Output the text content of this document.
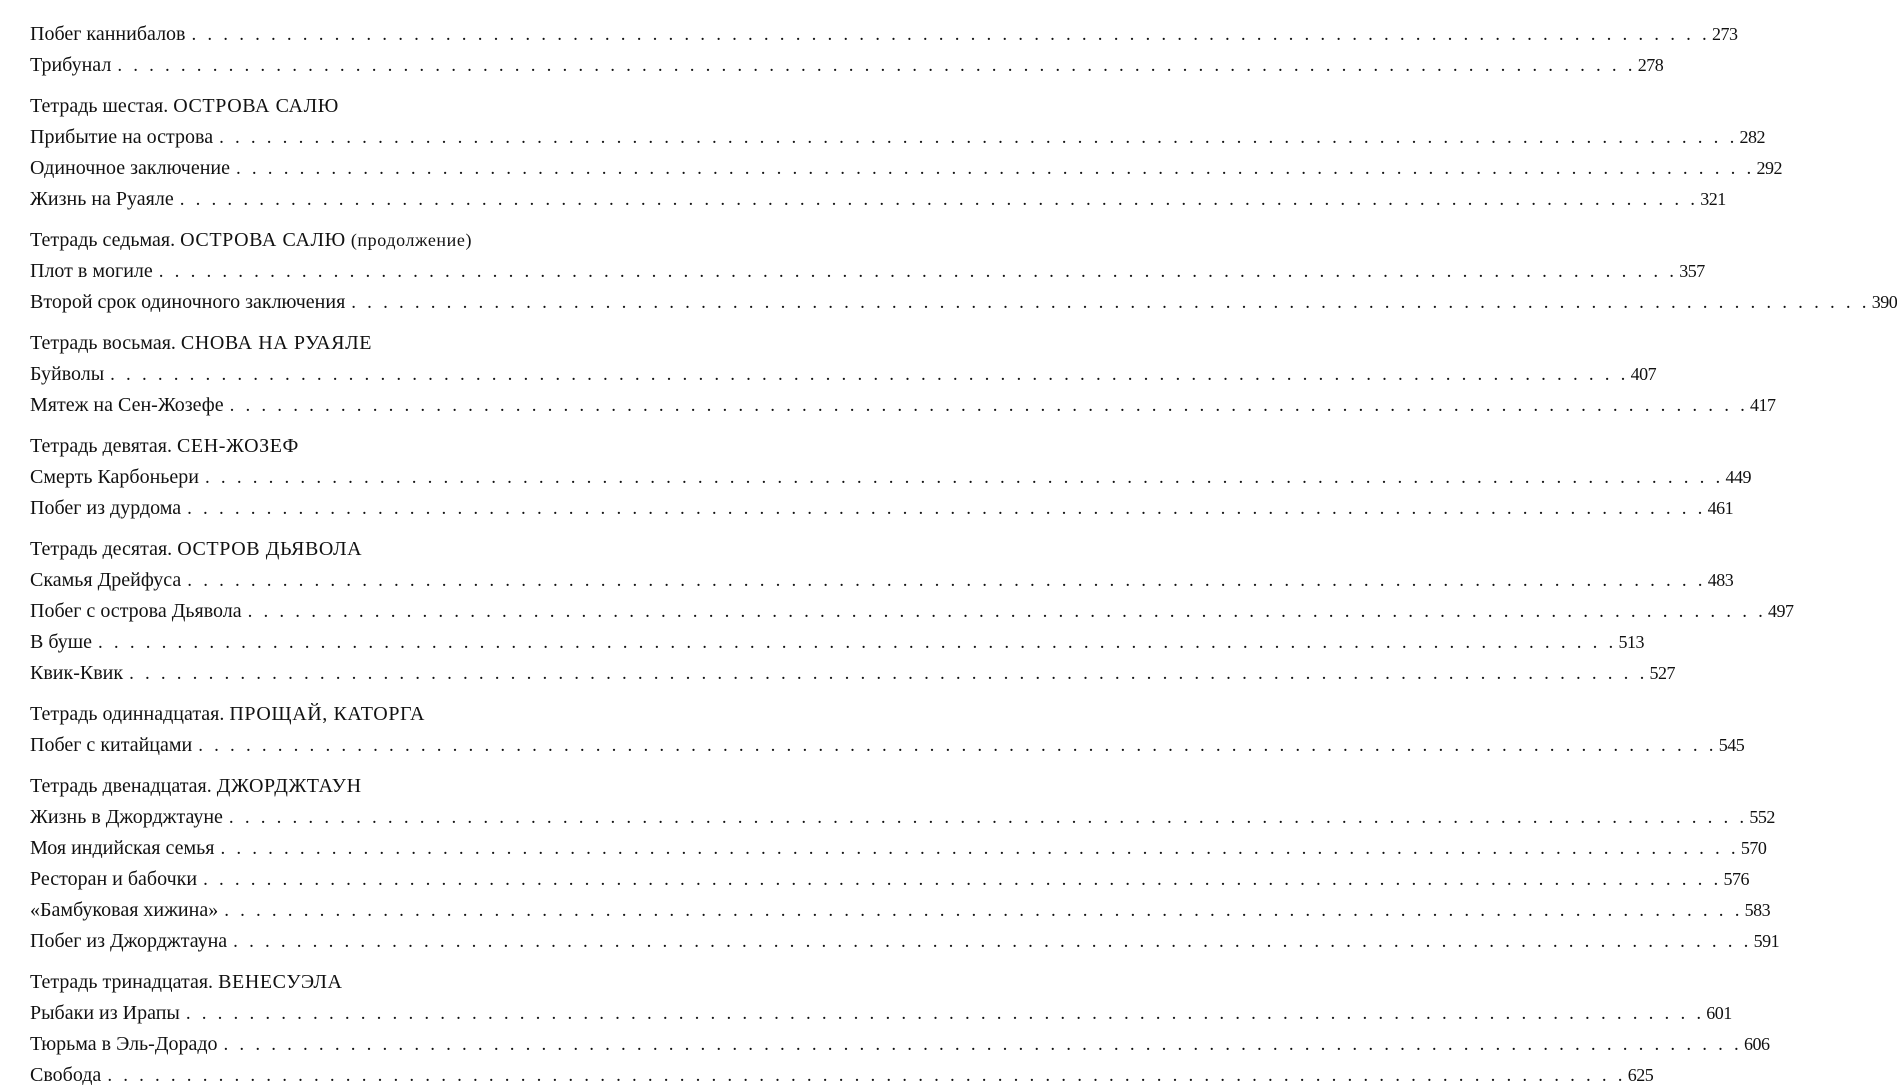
Побег каннибалов . . . . . . . . . . . . . . . . . . . . . . . . . . . . . . . . . . . . . . . . . . . . . . . . . . . . . . . . . . . . . . . . . . . . . . . . . . . . . . . . . . . . . . . . . . . . . . . . 273
Трибунал . . . . . . . . . . . . . . . . . . . . . . . . . . . . . . . . . . . . . . . . . . . . . . . . . . . . . . . . . . . . . . . . . . . . . . . . . . . . . . . . . . . . . . . . . . . . . . . . 278
Тетрадь шестая. ОСТРОВА САЛЮ
Прибытие на острова . . . . . . . . . . . . . . . . . . . . . . . . . . . . . . . . . . . . . . . . . . . . . . . . . . . . . . . . . . . . . . . . . . . . . . . . . . . . . . . . . . . . . . . . . . . . . . . . 282
Одиночное заключение . . . . . . . . . . . . . . . . . . . . . . . . . . . . . . . . . . . . . . . . . . . . . . . . . . . . . . . . . . . . . . . . . . . . . . . . . . . . . . . . . . . . . . . . . . . . . . . . 292
Жизнь на Руаяле . . . . . . . . . . . . . . . . . . . . . . . . . . . . . . . . . . . . . . . . . . . . . . . . . . . . . . . . . . . . . . . . . . . . . . . . . . . . . . . . . . . . . . . . . . . . . . . . 321
Тетрадь седьмая. ОСТРОВА САЛЮ (продолжение)
Плот в могиле . . . . . . . . . . . . . . . . . . . . . . . . . . . . . . . . . . . . . . . . . . . . . . . . . . . . . . . . . . . . . . . . . . . . . . . . . . . . . . . . . . . . . . . . . . . . . . . . 357
Второй срок одиночного заключения . . . . . . . . . . . . . . . . . . . . . . . . . . . . . . . . . . . . . . . . . . . . . . . . . . . . . . . . . . . . . . . . . . . . . . . . . . . . . . . . . . . . . . . . . . . . . . . . 390
Тетрадь восьмая. СНОВА НА РУАЯЛЕ
Буйволы . . . . . . . . . . . . . . . . . . . . . . . . . . . . . . . . . . . . . . . . . . . . . . . . . . . . . . . . . . . . . . . . . . . . . . . . . . . . . . . . . . . . . . . . . . . . . . . . 407
Мятеж на Сен-Жозефе . . . . . . . . . . . . . . . . . . . . . . . . . . . . . . . . . . . . . . . . . . . . . . . . . . . . . . . . . . . . . . . . . . . . . . . . . . . . . . . . . . . . . . . . . . . . . . . . 417
Тетрадь девятая. СЕН-ЖОЗЕФ
Смерть Карбоньери . . . . . . . . . . . . . . . . . . . . . . . . . . . . . . . . . . . . . . . . . . . . . . . . . . . . . . . . . . . . . . . . . . . . . . . . . . . . . . . . . . . . . . . . . . . . . . . . 449
Побег из дурдома . . . . . . . . . . . . . . . . . . . . . . . . . . . . . . . . . . . . . . . . . . . . . . . . . . . . . . . . . . . . . . . . . . . . . . . . . . . . . . . . . . . . . . . . . . . . . . . . 461
Тетрадь десятая. ОСТРОВ ДЬЯВОЛА
Скамья Дрейфуса . . . . . . . . . . . . . . . . . . . . . . . . . . . . . . . . . . . . . . . . . . . . . . . . . . . . . . . . . . . . . . . . . . . . . . . . . . . . . . . . . . . . . . . . . . . . . . . . 483
Побег с острова Дьявола . . . . . . . . . . . . . . . . . . . . . . . . . . . . . . . . . . . . . . . . . . . . . . . . . . . . . . . . . . . . . . . . . . . . . . . . . . . . . . . . . . . . . . . . . . . . . . . . 497
В буше . . . . . . . . . . . . . . . . . . . . . . . . . . . . . . . . . . . . . . . . . . . . . . . . . . . . . . . . . . . . . . . . . . . . . . . . . . . . . . . . . . . . . . . . . . . . . . . . 513
Квик-Квик . . . . . . . . . . . . . . . . . . . . . . . . . . . . . . . . . . . . . . . . . . . . . . . . . . . . . . . . . . . . . . . . . . . . . . . . . . . . . . . . . . . . . . . . . . . . . . . . 527
Тетрадь одиннадцатая. ПРОЩАЙ, КАТОРГА
Побег с китайцами . . . . . . . . . . . . . . . . . . . . . . . . . . . . . . . . . . . . . . . . . . . . . . . . . . . . . . . . . . . . . . . . . . . . . . . . . . . . . . . . . . . . . . . . . . . . . . . . 545
Тетрадь двенадцатая. ДЖОРДЖТАУН
Жизнь в Джорджтауне . . . . . . . . . . . . . . . . . . . . . . . . . . . . . . . . . . . . . . . . . . . . . . . . . . . . . . . . . . . . . . . . . . . . . . . . . . . . . . . . . . . . . . . . . . . . . . . . 552
Моя индийская семья . . . . . . . . . . . . . . . . . . . . . . . . . . . . . . . . . . . . . . . . . . . . . . . . . . . . . . . . . . . . . . . . . . . . . . . . . . . . . . . . . . . . . . . . . . . . . . . . 570
Ресторан и бабочки . . . . . . . . . . . . . . . . . . . . . . . . . . . . . . . . . . . . . . . . . . . . . . . . . . . . . . . . . . . . . . . . . . . . . . . . . . . . . . . . . . . . . . . . . . . . . . . . 576
«Бамбуковая хижина» . . . . . . . . . . . . . . . . . . . . . . . . . . . . . . . . . . . . . . . . . . . . . . . . . . . . . . . . . . . . . . . . . . . . . . . . . . . . . . . . . . . . . . . . . . . . . . . . 583
Побег из Джорджтауна . . . . . . . . . . . . . . . . . . . . . . . . . . . . . . . . . . . . . . . . . . . . . . . . . . . . . . . . . . . . . . . . . . . . . . . . . . . . . . . . . . . . . . . . . . . . . . . . 591
Тетрадь тринадцатая. ВЕНЕСУЭЛА
Рыбаки из Ирапы . . . . . . . . . . . . . . . . . . . . . . . . . . . . . . . . . . . . . . . . . . . . . . . . . . . . . . . . . . . . . . . . . . . . . . . . . . . . . . . . . . . . . . . . . . . . . . . . 601
Тюрьма в Эль-Дорадо . . . . . . . . . . . . . . . . . . . . . . . . . . . . . . . . . . . . . . . . . . . . . . . . . . . . . . . . . . . . . . . . . . . . . . . . . . . . . . . . . . . . . . . . . . . . . . . . 606
Свобода . . . . . . . . . . . . . . . . . . . . . . . . . . . . . . . . . . . . . . . . . . . . . . . . . . . . . . . . . . . . . . . . . . . . . . . . . . . . . . . . . . . . . . . . . . . . . . . . 625
